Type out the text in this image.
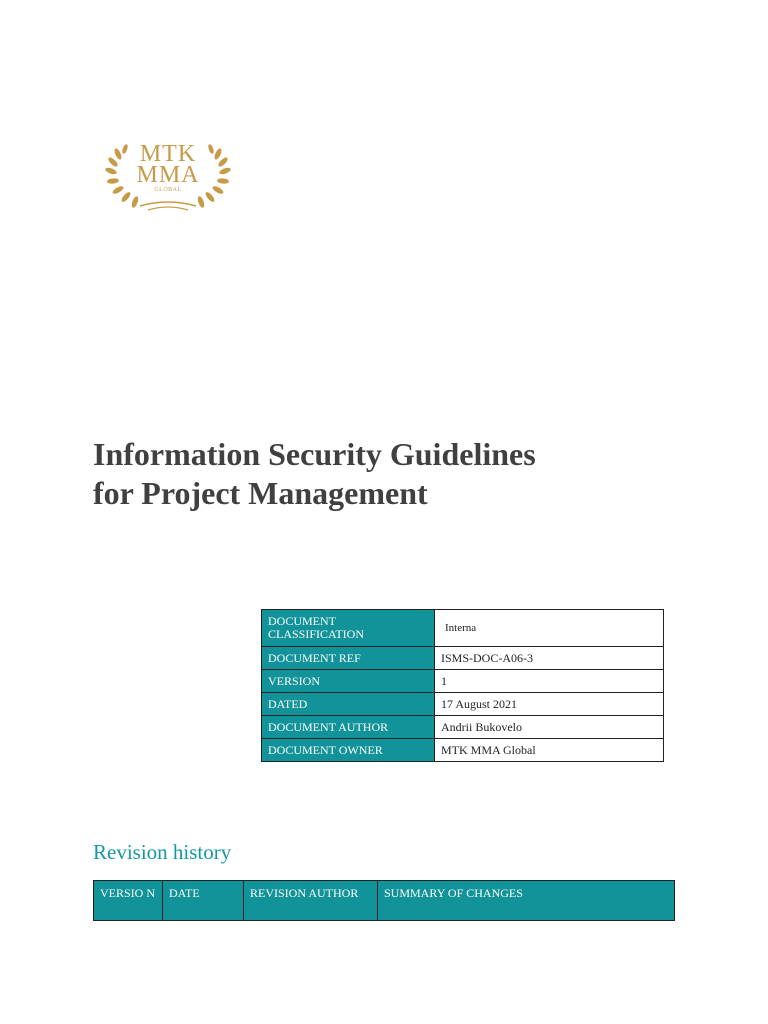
MTK
MMA
GLOBAL
Information Security Guidelines
for Project Management
DOCUMENT CLASSIFICATION	Interna
DOCUMENT REF	ISMS-DOC-A06-3
VERSION	1
DATED	17 August 2021
DOCUMENT AUTHOR	Andrii Bukovelo
DOCUMENT OWNER	MTK MMA Global
Revision history
VERSIO N	DATE	REVISION AUTHOR	SUMMARY OF CHANGES
